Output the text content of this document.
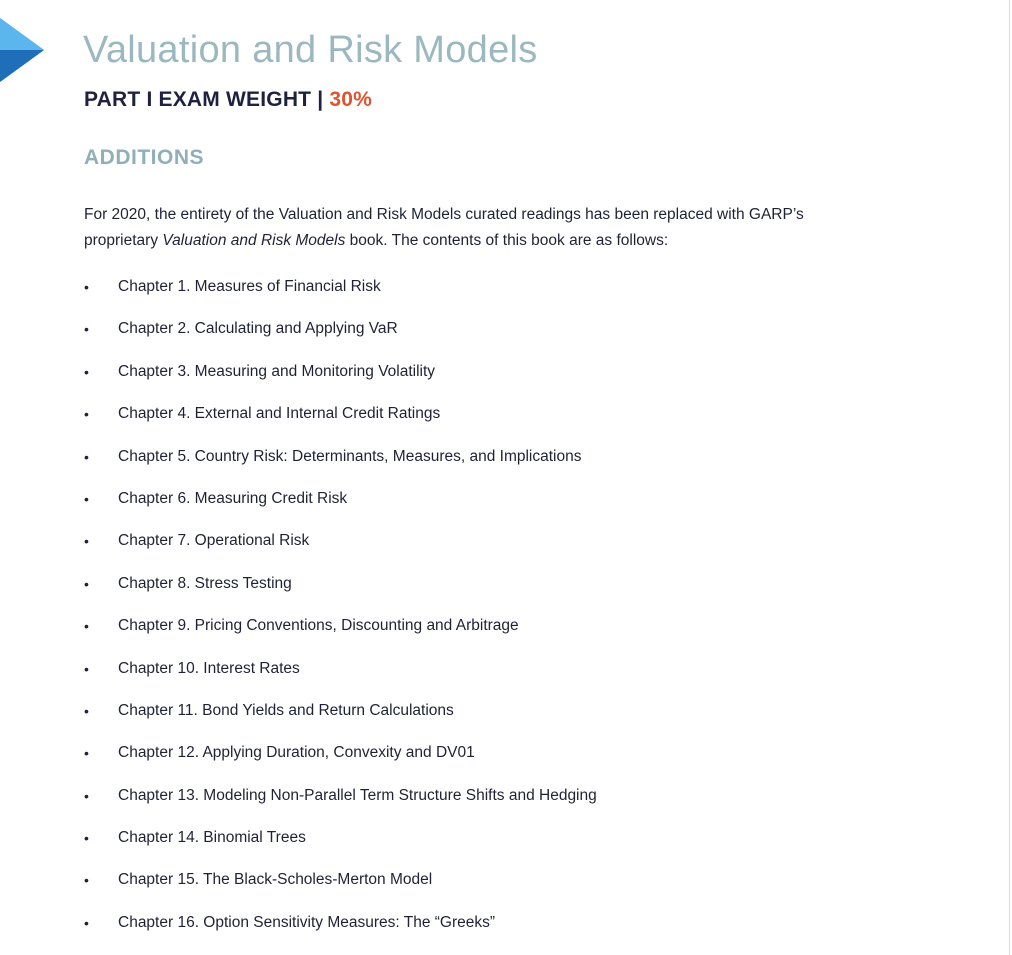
Valuation and Risk Models
PART I EXAM WEIGHT | 30%
ADDITIONS

For 2020, the entirety of the Valuation and Risk Models curated readings has been replaced with GARP’s
proprietary Valuation and Risk Models book. The contents of this book are as follows:

•	Chapter 1. Measures of Financial Risk
•	Chapter 2. Calculating and Applying VaR
•	Chapter 3. Measuring and Monitoring Volatility
•	Chapter 4. External and Internal Credit Ratings
•	Chapter 5. Country Risk: Determinants, Measures, and Implications
•	Chapter 6. Measuring Credit Risk
•	Chapter 7. Operational Risk
•	Chapter 8. Stress Testing
•	Chapter 9. Pricing Conventions, Discounting and Arbitrage
•	Chapter 10. Interest Rates
•	Chapter 11. Bond Yields and Return Calculations
•	Chapter 12. Applying Duration, Convexity and DV01
•	Chapter 13. Modeling Non-Parallel Term Structure Shifts and Hedging
•	Chapter 14. Binomial Trees
•	Chapter 15. The Black-Scholes-Merton Model
•	Chapter 16. Option Sensitivity Measures: The “Greeks”
